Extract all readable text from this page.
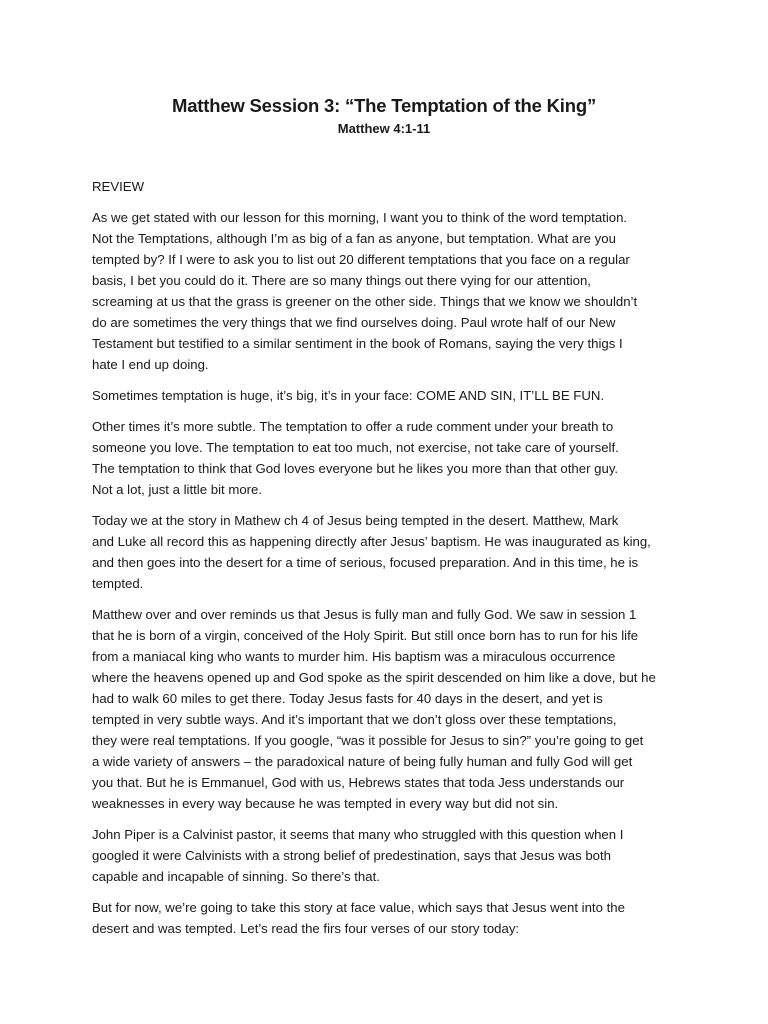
Matthew Session 3: “The Temptation of the King”
Matthew 4:1-11

REVIEW

As we get stated with our lesson for this morning, I want you to think of the word temptation.
Not the Temptations, although I’m as big of a fan as anyone, but temptation. What are you
tempted by? If I were to ask you to list out 20 different temptations that you face on a regular
basis, I bet you could do it. There are so many things out there vying for our attention,
screaming at us that the grass is greener on the other side. Things that we know we shouldn’t
do are sometimes the very things that we find ourselves doing. Paul wrote half of our New
Testament but testified to a similar sentiment in the book of Romans, saying the very thigs I
hate I end up doing.

Sometimes temptation is huge, it’s big, it’s in your face: COME AND SIN, IT’LL BE FUN.

Other times it’s more subtle. The temptation to offer a rude comment under your breath to
someone you love. The temptation to eat too much, not exercise, not take care of yourself.
The temptation to think that God loves everyone but he likes you more than that other guy.
Not a lot, just a little bit more.

Today we at the story in Mathew ch 4 of Jesus being tempted in the desert. Matthew, Mark
and Luke all record this as happening directly after Jesus’ baptism. He was inaugurated as king,
and then goes into the desert for a time of serious, focused preparation. And in this time, he is
tempted.

Matthew over and over reminds us that Jesus is fully man and fully God. We saw in session 1
that he is born of a virgin, conceived of the Holy Spirit. But still once born has to run for his life
from a maniacal king who wants to murder him. His baptism was a miraculous occurrence
where the heavens opened up and God spoke as the spirit descended on him like a dove, but he
had to walk 60 miles to get there. Today Jesus fasts for 40 days in the desert, and yet is
tempted in very subtle ways. And it’s important that we don’t gloss over these temptations,
they were real temptations. If you google, “was it possible for Jesus to sin?” you’re going to get
a wide variety of answers – the paradoxical nature of being fully human and fully God will get
you that. But he is Emmanuel, God with us, Hebrews states that toda Jess understands our
weaknesses in every way because he was tempted in every way but did not sin.

John Piper is a Calvinist pastor, it seems that many who struggled with this question when I
googled it were Calvinists with a strong belief of predestination, says that Jesus was both
capable and incapable of sinning. So there’s that.

But for now, we’re going to take this story at face value, which says that Jesus went into the
desert and was tempted. Let’s read the firs four verses of our story today:
